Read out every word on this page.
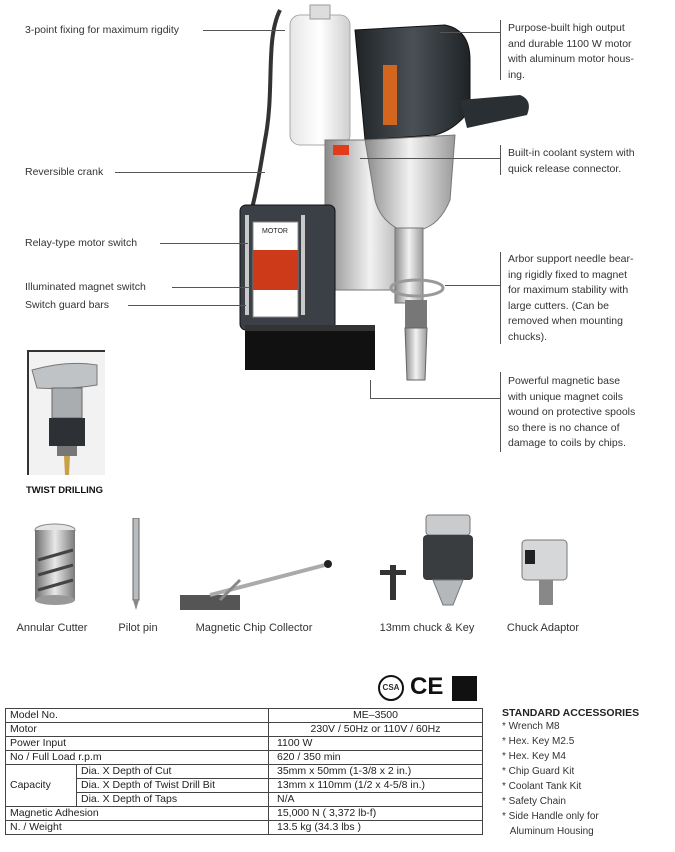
MOTOR
3-point fixing for maximum rigdity
Reversible crank
Relay-type motor switch
Illuminated magnet switch
Switch guard bars
Purpose-built high output
and durable 1100 W motor
with aluminum motor hous-
ing.
Built-in coolant system with
quick release connector.
Arbor support needle bear-
ing rigidly fixed to magnet
for maximum stability with
large cutters. (Can be
removed when mounting
chucks).
Powerful magnetic base
with unique magnet coils
wound on protective spools
so there is no chance of
damage to coils by chips.
TWIST DRILLING
Annular Cutter	Pilot pin	Magnetic Chip Collector	13mm chuck & Key	Chuck Adaptor
CSA CE
Model No.		ME–3500
Motor		230V / 50Hz or 110V / 60Hz
Power Input		1100 W
No / Full Load r.p.m		620 / 350 min
Capacity	Dia. X Depth of Cut	35mm x 50mm (1-3/8 x 2 in.)
	Dia. X Depth of Twist Drill Bit	13mm x 110mm (1/2 x 4-5/8 in.)
	Dia. X Depth of Taps	N/A
Magnetic Adhesion		15,000 N ( 3,372 lb-f)
N. / Weight		13.5 kg (34.3 lbs )
STANDARD ACCESSORIES
* Wrench M8
* Hex. Key M2.5
* Hex. Key M4
* Chip Guard Kit
* Coolant Tank Kit
* Safety Chain
* Side Handle only for
Aluminum Housing
